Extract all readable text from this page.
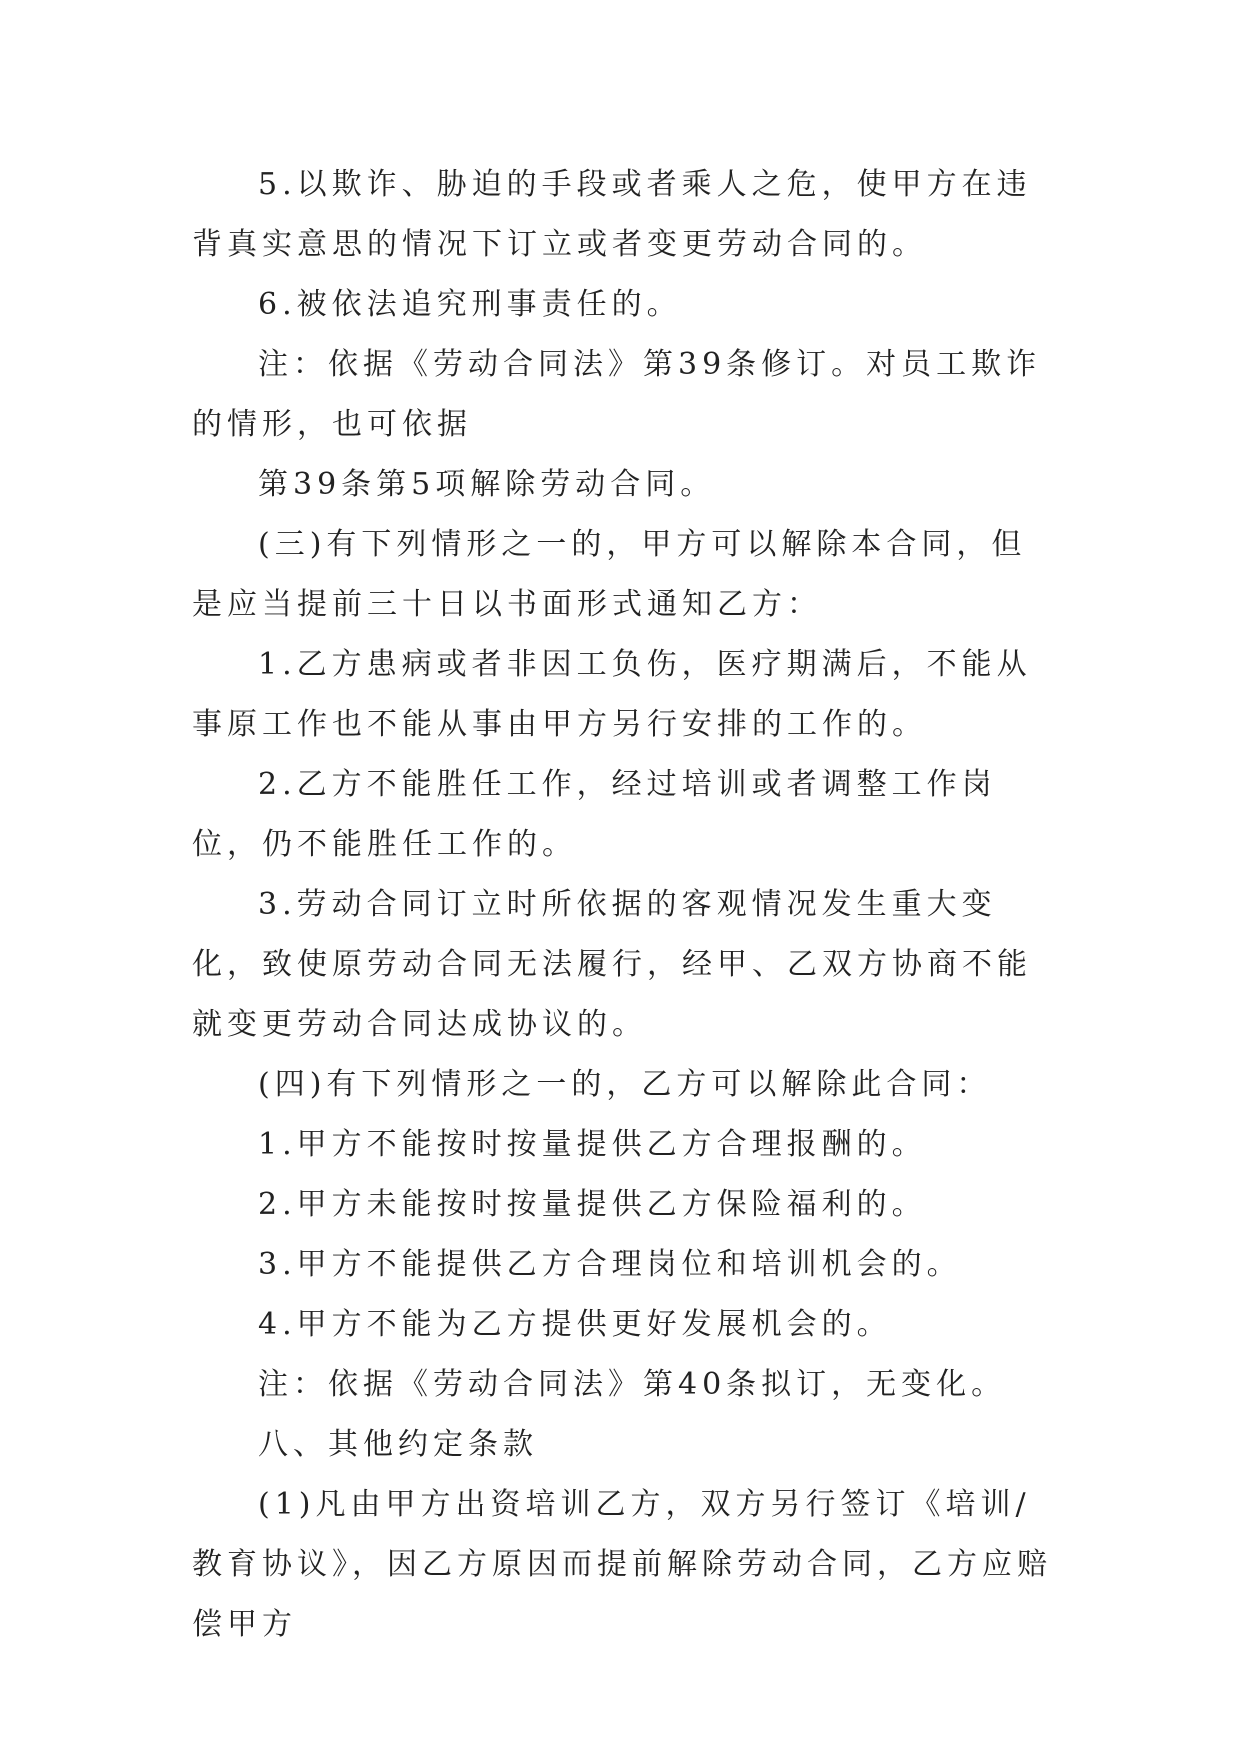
5.以欺诈、胁迫的手段或者乘人之危，使甲方在违背真实意思的情况下订立或者变更劳动合同的。

6.被依法追究刑事责任的。

注：依据《劳动合同法》第39条修订。对员工欺诈的情形，也可依据

第39条第5项解除劳动合同。

(三)有下列情形之一的，甲方可以解除本合同，但是应当提前三十日以书面形式通知乙方：

1.乙方患病或者非因工负伤，医疗期满后，不能从事原工作也不能从事由甲方另行安排的工作的。

2.乙方不能胜任工作，经过培训或者调整工作岗位，仍不能胜任工作的。

3.劳动合同订立时所依据的客观情况发生重大变化，致使原劳动合同无法履行，经甲、乙双方协商不能就变更劳动合同达成协议的。

(四)有下列情形之一的，乙方可以解除此合同：

1.甲方不能按时按量提供乙方合理报酬的。

2.甲方未能按时按量提供乙方保险福利的。

3.甲方不能提供乙方合理岗位和培训机会的。

4.甲方不能为乙方提供更好发展机会的。

注：依据《劳动合同法》第40条拟订，无变化。

八、其他约定条款

(1)凡由甲方出资培训乙方，双方另行签订《培训/教育协议》，因乙方原因而提前解除劳动合同，乙方应赔偿甲方
